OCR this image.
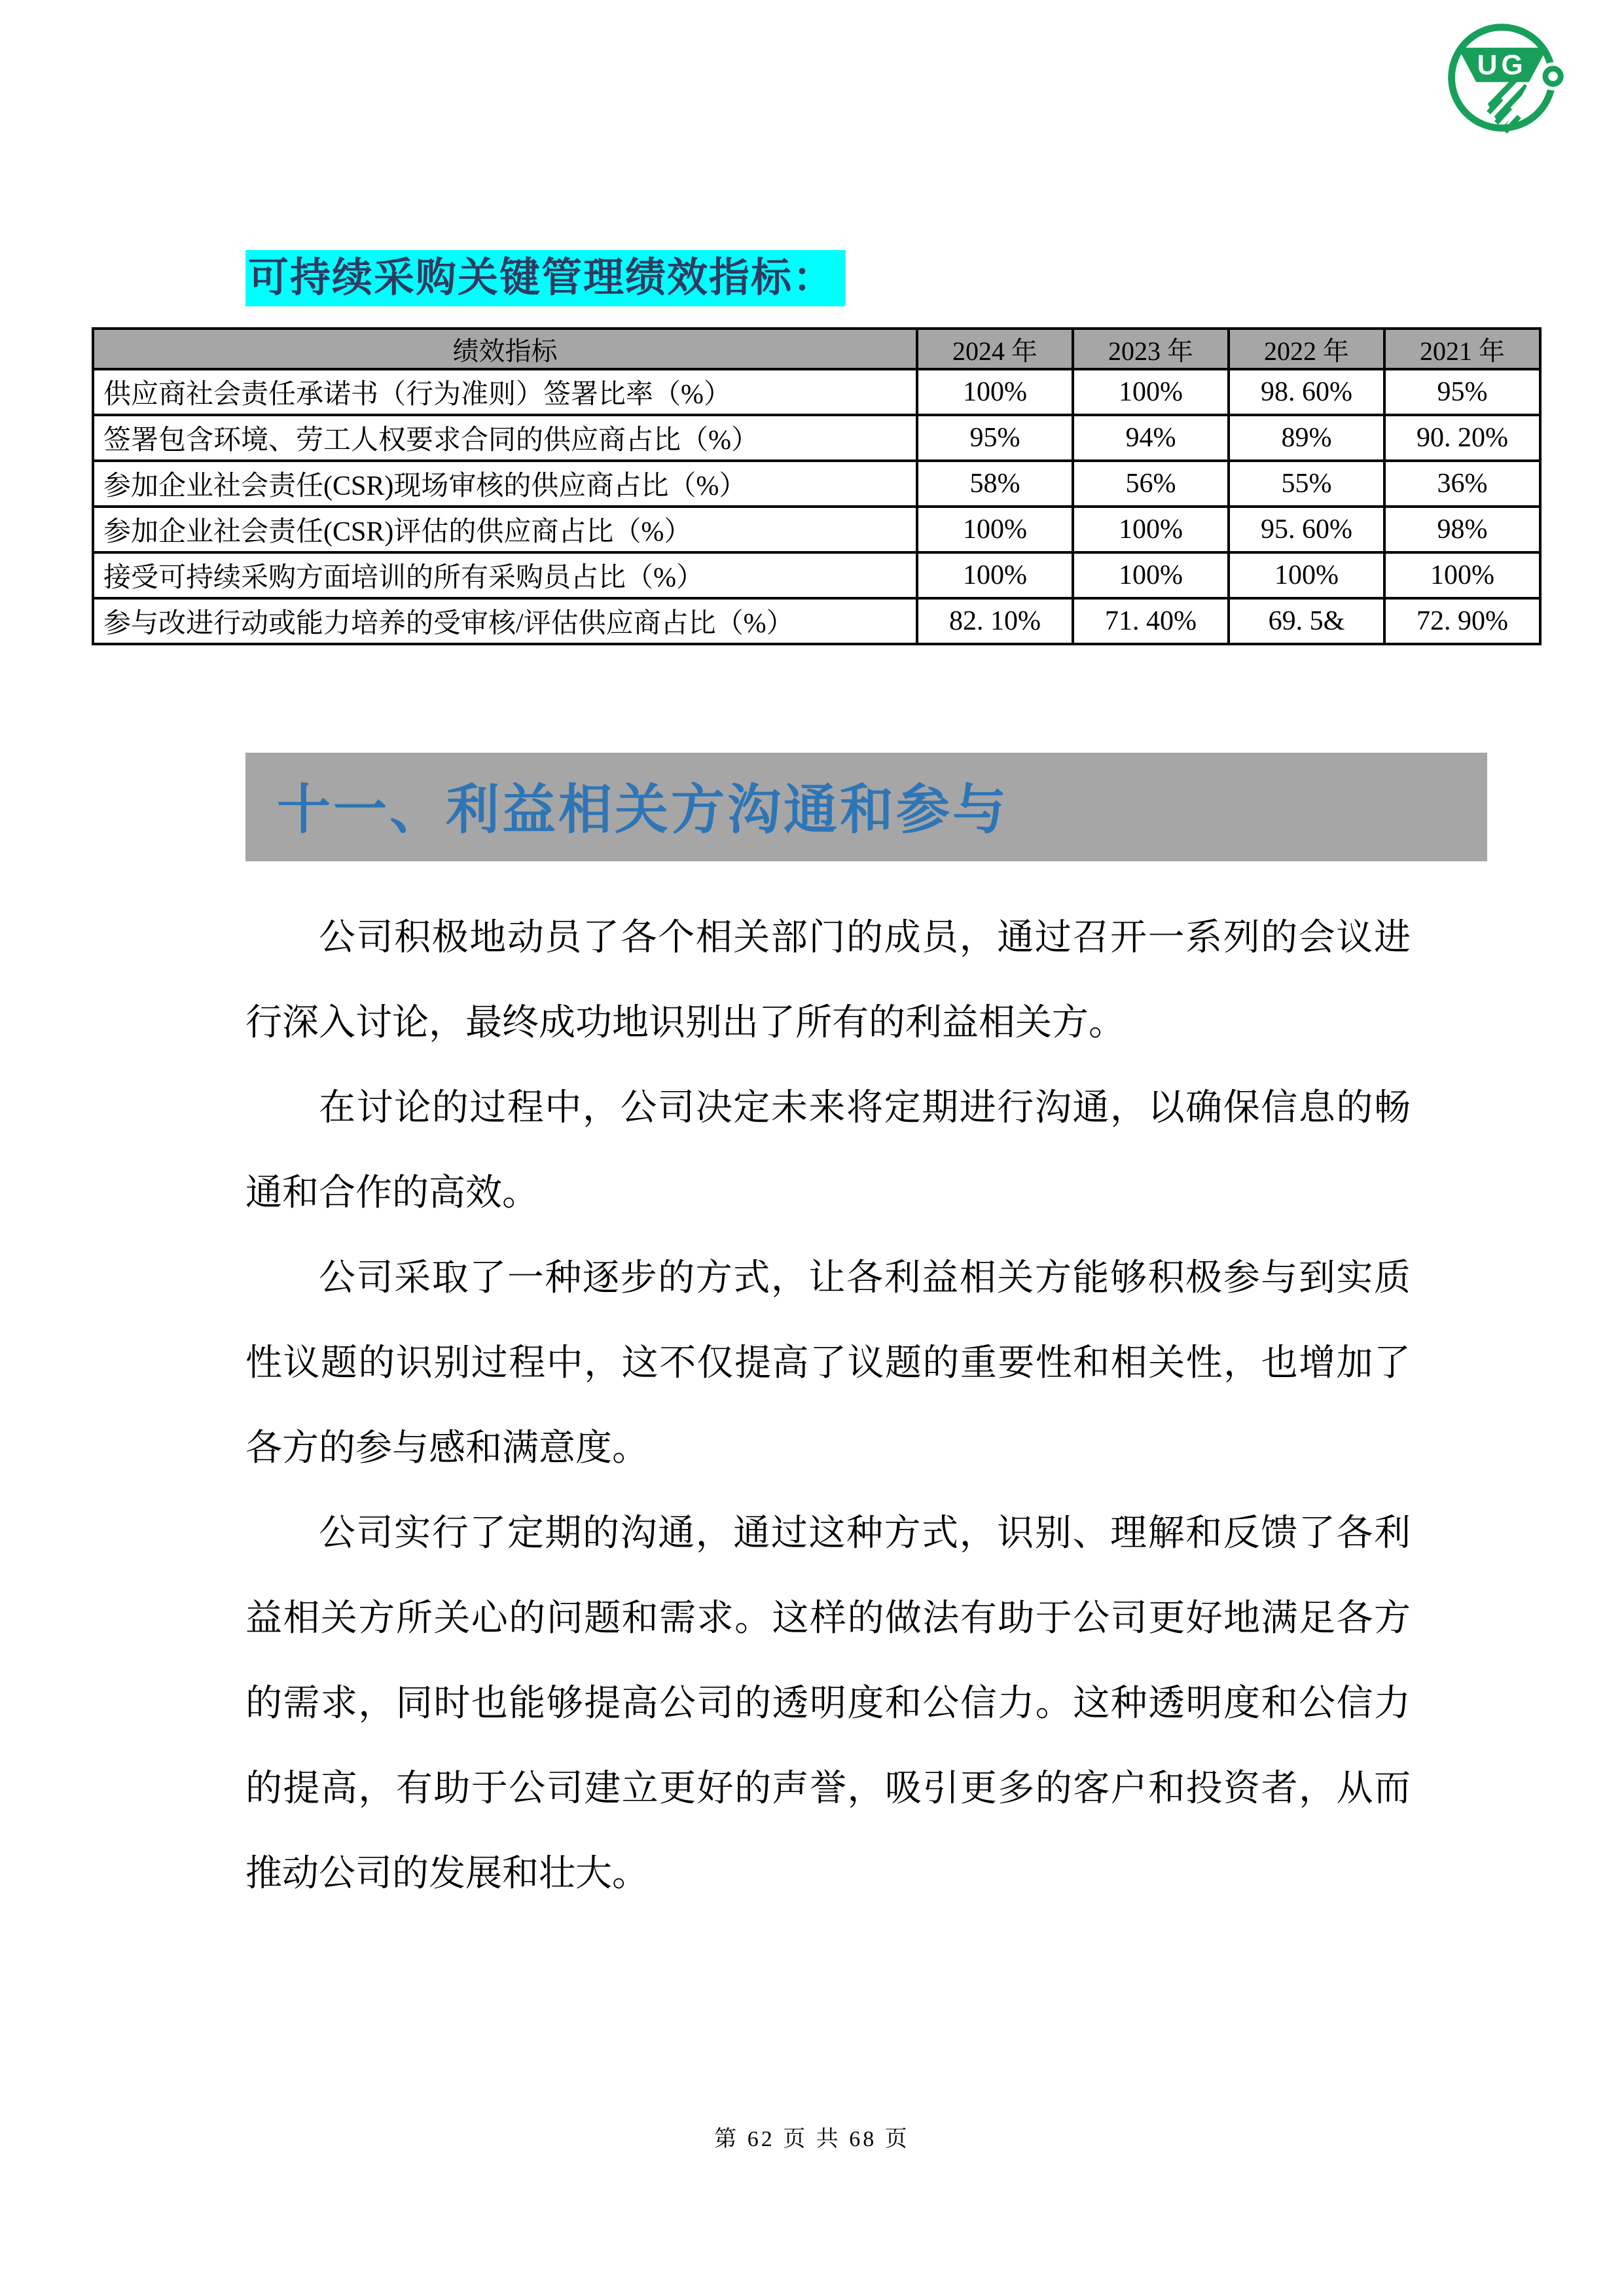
UG
可持续采购关键管理绩效指标：
绩效指标	2024 年	2023 年	2022 年	2021 年
供应商社会责任承诺书（行为准则）签署比率（%）	100%	100%	98. 60%	95%
签署包含环境、劳工人权要求合同的供应商占比（%）	95%	94%	89%	90. 20%
参加企业社会责任(CSR)现场审核的供应商占比（%）	58%	56%	55%	36%
参加企业社会责任(CSR)评估的供应商占比（%）	100%	100%	95. 60%	98%
接受可持续采购方面培训的所有采购员占比（%）	100%	100%	100%	100%
参与改进行动或能力培养的受审核/评估供应商占比（%）	82. 10%	71. 40%	69. 5&	72. 90%
十一、利益相关方沟通和参与

公司积极地动员了各个相关部门的成员，通过召开一系列的会议进行深入讨论，最终成功地识别出了所有的利益相关方。

在讨论的过程中，公司决定未来将定期进行沟通，以确保信息的畅通和合作的高效。

公司采取了一种逐步的方式，让各利益相关方能够积极参与到实质性议题的识别过程中，这不仅提高了议题的重要性和相关性，也增加了各方的参与感和满意度。

公司实行了定期的沟通，通过这种方式，识别、理解和反馈了各利益相关方所关心的问题和需求。这样的做法有助于公司更好地满足各方的需求，同时也能够提高公司的透明度和公信力。这种透明度和公信力的提高，有助于公司建立更好的声誉，吸引更多的客户和投资者，从而推动公司的发展和壮大。

第 62 页 共 68 页
